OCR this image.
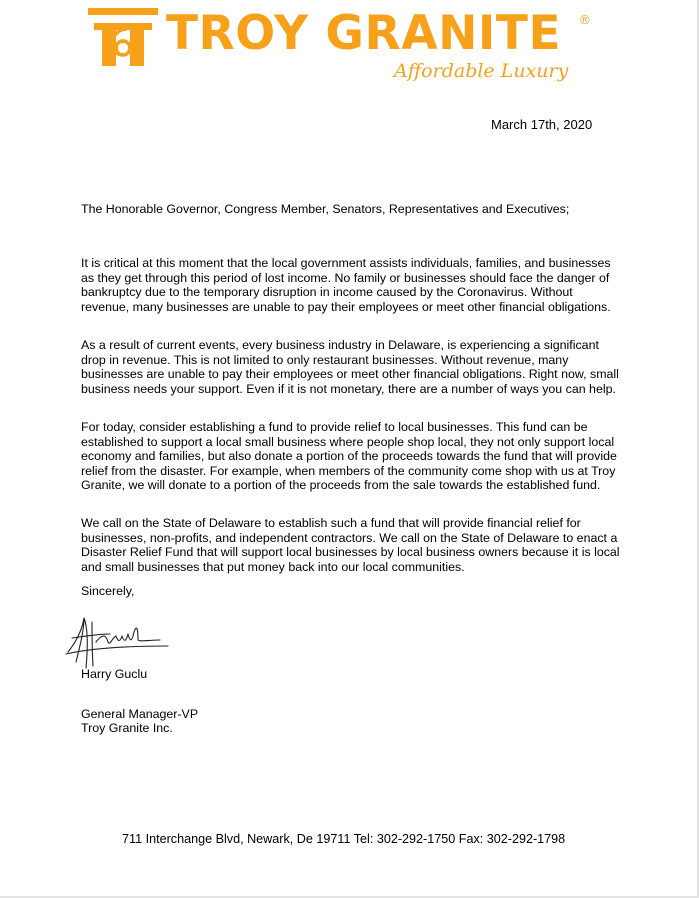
TROY GRANITE ®
Affordable Luxury
March 17th, 2020
The Honorable Governor, Congress Member, Senators, Representatives and Executives;
It is critical at this moment that the local government assists individuals, families, and businesses as they get through this period of lost income. No family or businesses should face the danger of bankruptcy due to the temporary disruption in income caused by the Coronavirus. Without revenue, many businesses are unable to pay their employees or meet other financial obligations.
As a result of current events, every business industry in Delaware, is experiencing a significant drop in revenue. This is not limited to only restaurant businesses. Without revenue, many businesses are unable to pay their employees or meet other financial obligations. Right now, small business needs your support. Even if it is not monetary, there are a number of ways you can help.
For today, consider establishing a fund to provide relief to local businesses. This fund can be established to support a local small business where people shop local, they not only support local economy and families, but also donate a portion of the proceeds towards the fund that will provide relief from the disaster. For example, when members of the community come shop with us at Troy Granite, we will donate to a portion of the proceeds from the sale towards the established fund.
We call on the State of Delaware to establish such a fund that will provide financial relief for businesses, non-profits, and independent contractors. We call on the State of Delaware to enact a Disaster Relief Fund that will support local businesses by local business owners because it is local and small businesses that put money back into our local communities.
Sincerely,
Harry Guclu
General Manager-VP
Troy Granite Inc.
711 Interchange Blvd, Newark, De 19711 Tel: 302-292-1750 Fax: 302-292-1798
